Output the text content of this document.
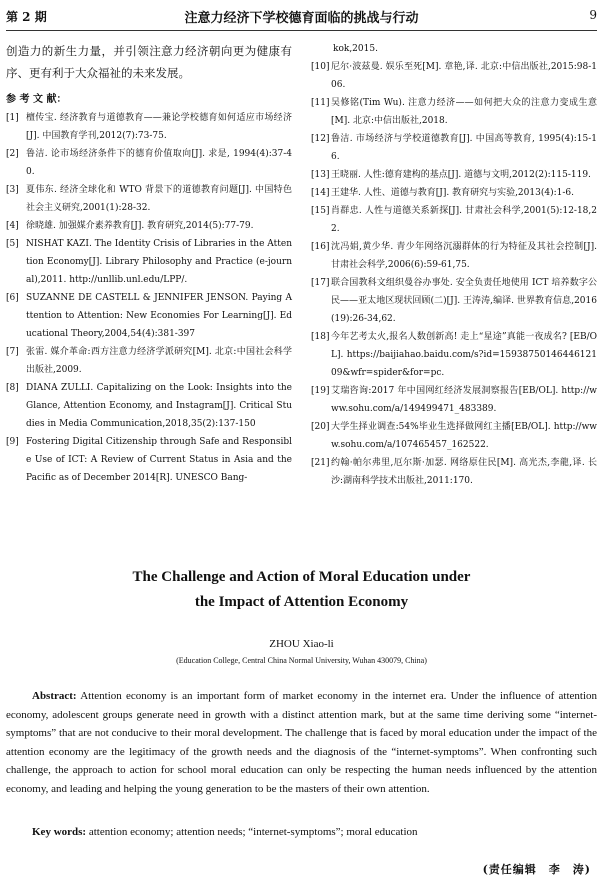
第 2 期	注意力经济下学校德育面临的挑战与行动	9

创造力的新生力量，并引领注意力经济朝向更为健康有序、更有利于大众福祉的未来发展。

参 考 文 献：
[1] 檀传宝. 经济教育与道德教育——兼论学校德育如何适应市场经济[J]. 中国教育学刊,2012(7):73-75.
[2] 鲁洁. 论市场经济条件下的德育价值取向[J]. 求是, 1994(4):37-40.
[3] 夏伟东. 经济全球化和 WTO 背景下的道德教育问题[J]. 中国特色社会主义研究,2001(1):28-32.
[4] 徐晓雄. 加强媒介素养教育[J]. 教育研究,2014(5):77-79.
[5] NISHAT KAZI. The Identity Crisis of Libraries in the Attention Economy[J]. Library Philosophy and Practice (e-journal),2011. http://unllib.unl.edu/LPP/.
[6] SUZANNE DE CASTELL & JENNIFER JENSON. Paying Attention to Attention: New Economies For Learning[J]. Educational Theory,2004,54(4):381-397
[7] 张雷. 媒介革命:西方注意力经济学派研究[M]. 北京:中国社会科学出版社,2009.
[8] DIANA ZULLI. Capitalizing on the Look: Insights into the Glance, Attention Economy, and Instagram[J]. Critical Studies in Media Communication,2018,35(2):137-150
[9] Fostering Digital Citizenship through Safe and Responsible Use of ICT: A Review of Current Status in Asia and the Pacific as of December 2014[R]. UNESCO Bang-
kok,2015.
[10] 尼尔·波兹曼. 娱乐至死[M]. 章艳,译. 北京:中信出版社,2015:98-106.
[11] 吴修铭(Tim Wu). 注意力经济——如何把大众的注意力变成生意[M]. 北京:中信出版社,2018.
[12] 鲁洁. 市场经济与学校道德教育[J]. 中国高等教育, 1995(4):15-16.
[13] 王晓丽. 人性:德育建构的基点[J]. 道德与文明,2012(2):115-119.
[14] 王建华. 人性、道德与教育[J]. 教育研究与实验,2013(4):1-6.
[15] 肖群忠. 人性与道德关系新探[J]. 甘肃社会科学,2001(5):12-18,22.
[16] 沈冯娟,黄少华. 青少年网络沉溺群体的行为特征及其社会控制[J]. 甘肃社会科学,2006(6):59-61,75.
[17] 联合国教科文组织曼谷办事处. 安全负责任地使用 ICT 培养数字公民——亚太地区现状回顾(二)[J]. 王涛涛,编译. 世界教育信息,2016(19):26-34,62.
[18] 今年艺考太火,报名人数创新高! 走上“星途”真能一夜成名? [EB/OL]. https://baijiahao.baidu.com/s?id=1593875014644612109&wfr=spider&for=pc.
[19] 艾瑞咨询:2017 年中国网红经济发展洞察报告[EB/OL]. http://www.sohu.com/a/149499471_483389.
[20] 大学生择业调查:54%毕业生选择做网红主播[EB/OL]. http://www.sohu.com/a/107465457_162522.
[21] 约翰·帕尔弗里,厄尔斯·加瑟. 网络原住民[M]. 高光杰,李龍,译. 长沙:湖南科学技术出版社,2011:170.
The Challenge and Action of Moral Education under
the Impact of Attention Economy
ZHOU Xiao-li
(Education College, Central China Normal University, Wuhan 430079, China)

Abstract: Attention economy is an important form of market economy in the internet era. Under the influence of attention economy, adolescent groups generate need in growth with a distinct attention mark, but at the same time deriving some “internet-symptoms” that are not conducive to their moral development. The challenge that is faced by moral education under the impact of the attention economy are the legitimacy of the growth needs and the diagnosis of the “internet-symptoms”. When confronting such challenge, the approach to action for school moral education can only be respecting the human needs influenced by the attention economy, and leading and helping the young generation to be the masters of their own attention.

Key words: attention economy; attention needs; “internet-symptoms”; moral education
(责任编辑　李　涛)
